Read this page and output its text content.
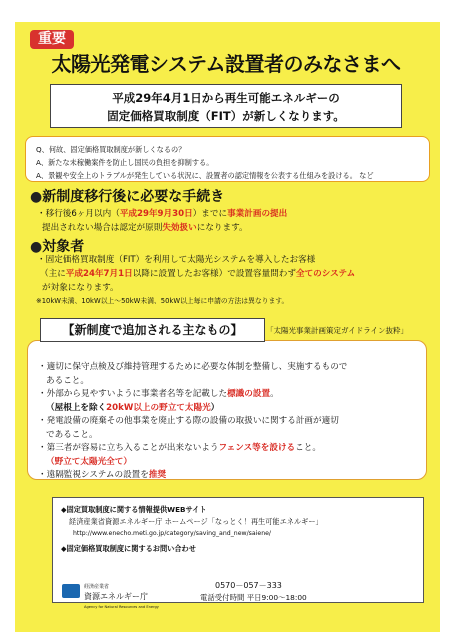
重要
太陽光発電システム設置者のみなさまへ
平成29年4月1日から再生可能エネルギーの
固定価格買取制度（FIT）が新しくなります。
Q、何故、固定価格買取制度が新しくなるの？
A、新たな未稼働案件を防止し国民の負担を抑制する。
A、景観や安全上のトラブルが発生している状況に、設置者の認定情報を公表する仕組みを設ける。 など
●新制度移行後に必要な手続き
・移行後6ヶ月以内（平成29年9月30日）までに事業計画の提出
提出されない場合は認定が原則失効扱いになります。
●対象者
・固定価格買取制度（FIT）を利用して太陽光システムを導入したお客様
（主に平成24年7月1日以降に設置したお客様）で設置容量問わず全てのシステム
が対象になります。
※10kW未満、10kW以上～50kW未満、50kW以上毎に申請の方法は異なります。
・適切に保守点検及び維持管理するために必要な体制を整備し、実施するもので
あること。
・外部から見やすいように事業者名等を記載した標識の設置。
（屋根上を除く20kW以上の野立て太陽光）
・発電設備の廃棄その他事業を廃止する際の設備の取扱いに関する計画が適切
であること。
・第三者が容易に立ち入ることが出来ないようフェンス等を設けること。
（野立て太陽光全て）
・遠隔監視システムの設置を推奨
【新制度で追加される主なもの】	「太陽光事業計画策定ガイドライン抜粋」
◆固定買取制度に関する情報提供WEBサイト
経済産業省資源エネルギー庁 ホームページ「なっとく！再生可能エネルギー」
http://www.enecho.meti.go.jp/category/saving_and_new/saiene/
◆固定価格買取制度に関するお問い合わせ
経済産業省
資源エネルギー庁
Agency for Natural Resources and Energy
0570－057－333
電話受付時間 平日9:00～18:00
